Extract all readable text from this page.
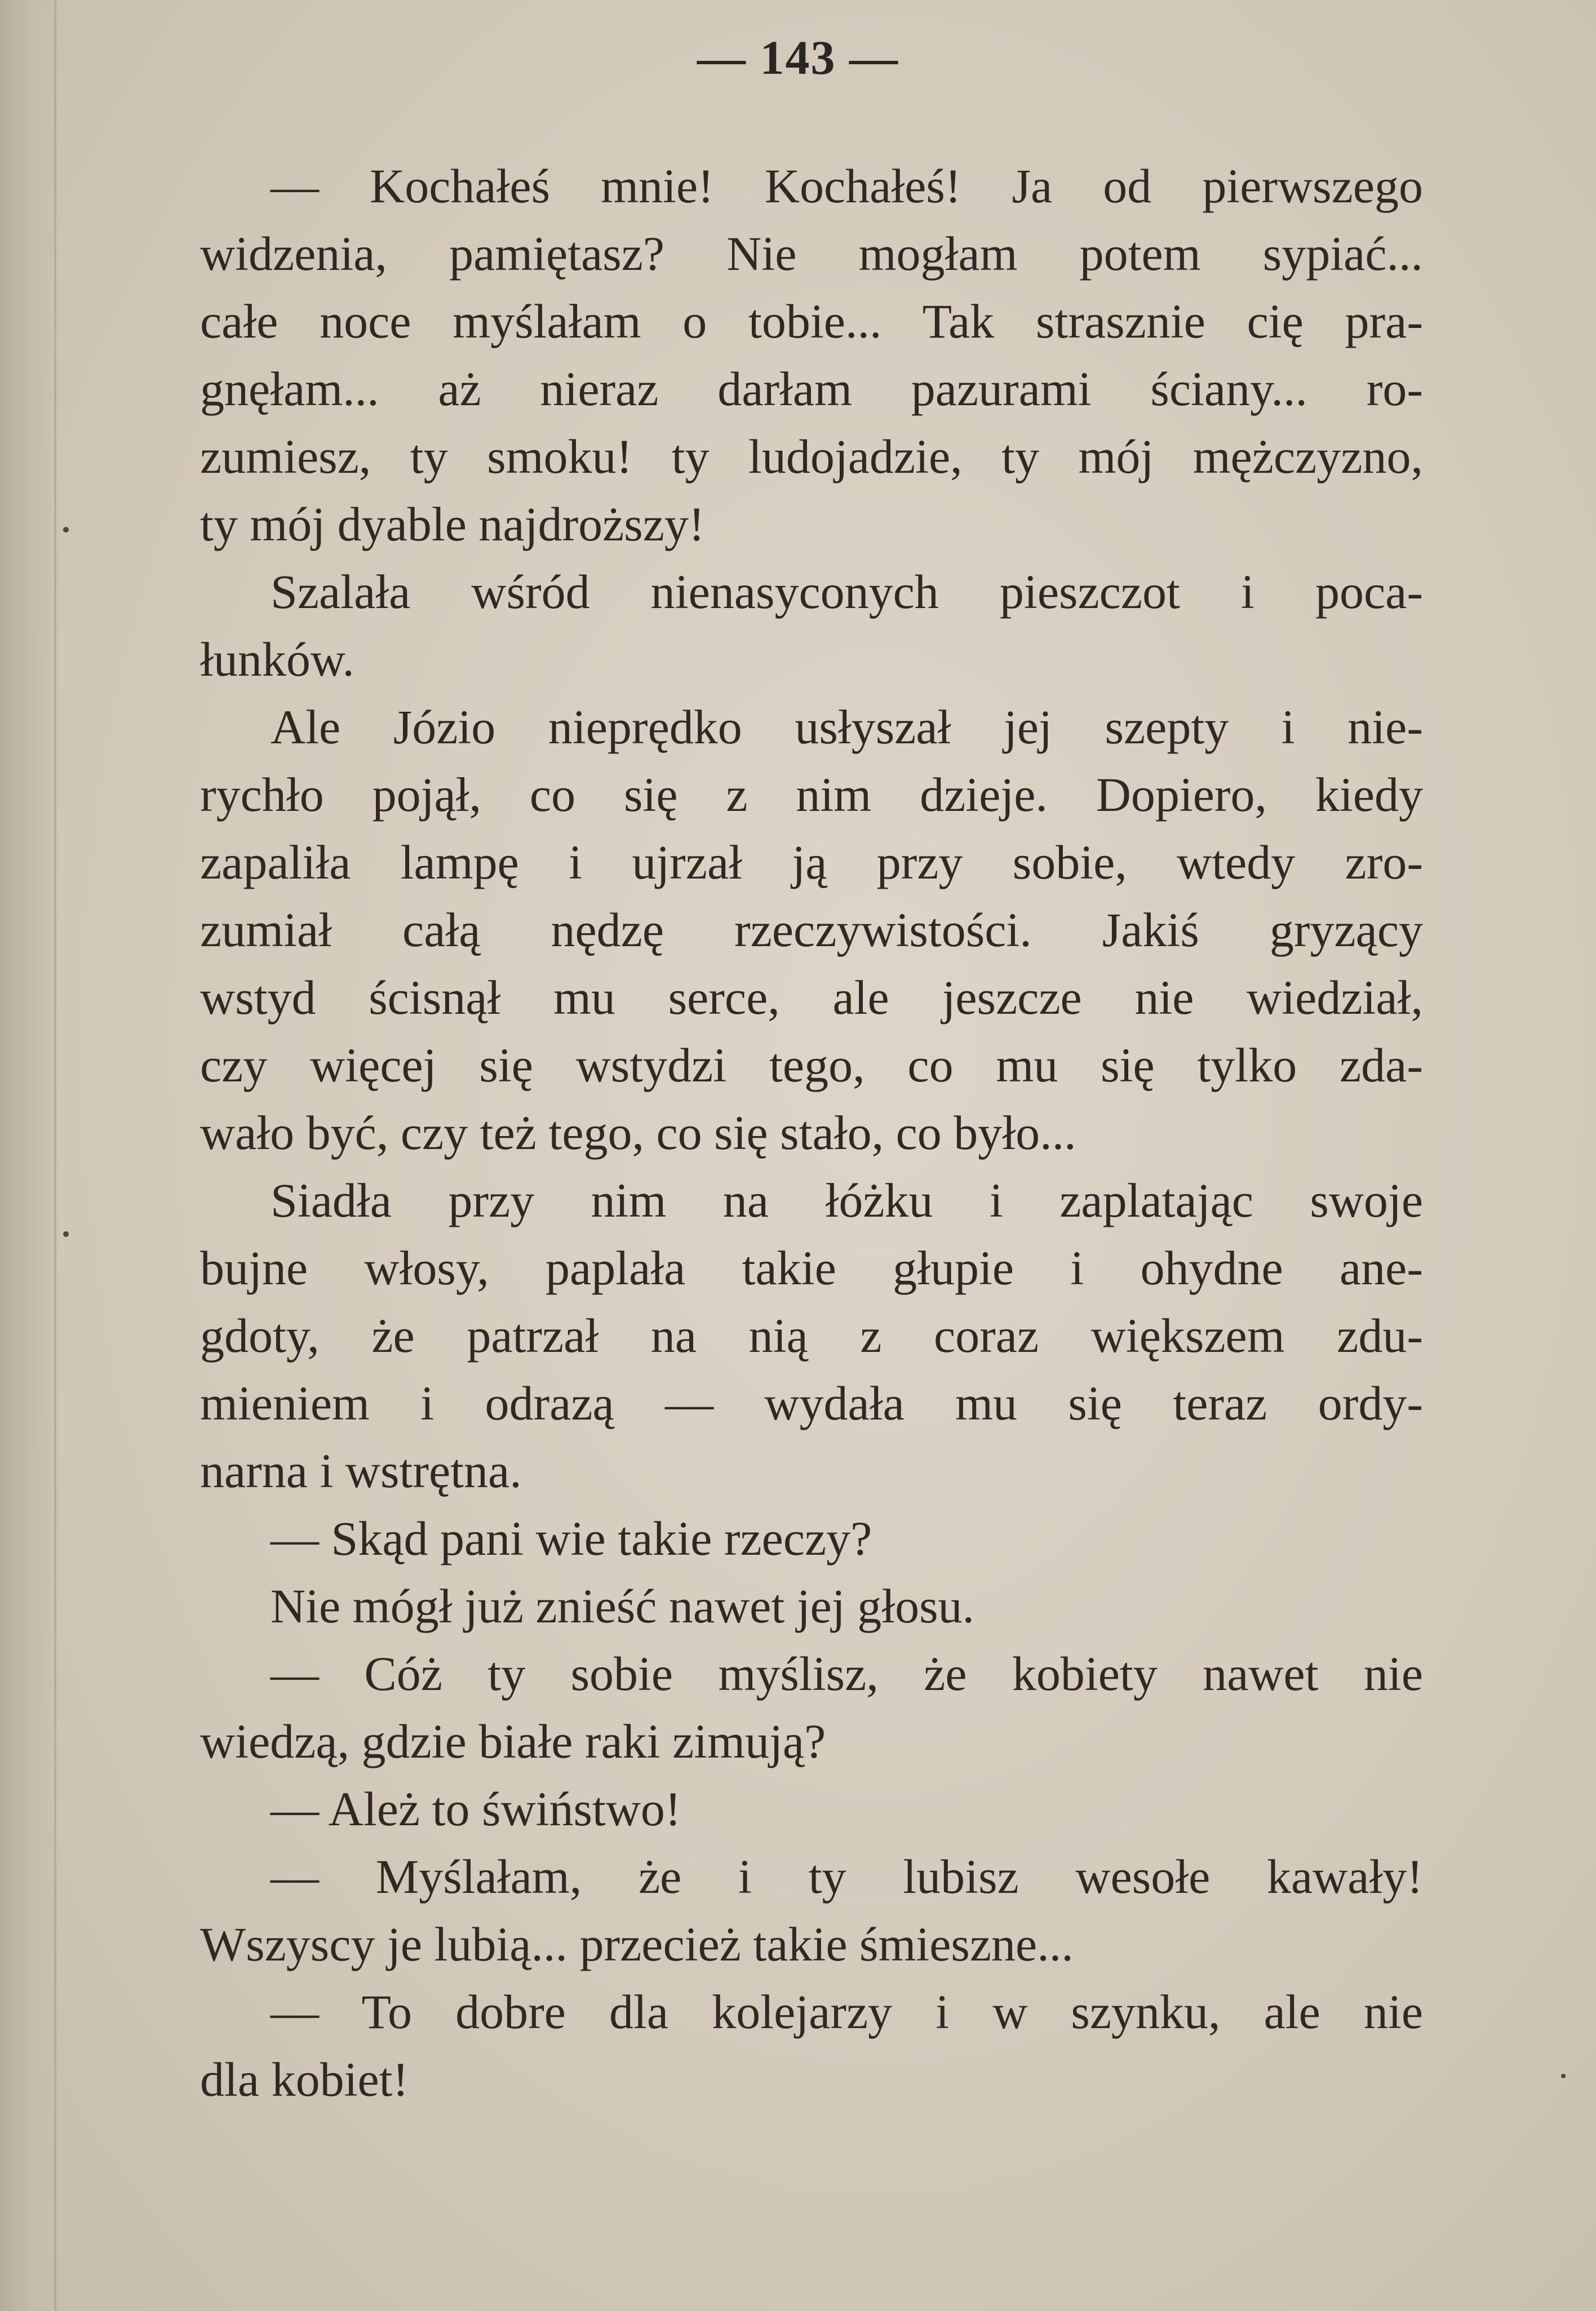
— 143 —
— Kochałeś mnie! Kochałeś! Ja od pierwszego
widzenia, pamiętasz? Nie mogłam potem sypiać...
całe noce myślałam o tobie... Tak strasznie cię pra-
gnęłam... aż nieraz darłam pazurami ściany... ro-
zumiesz, ty smoku! ty ludojadzie, ty mój mężczyzno,
ty mój dyable najdroższy!
Szalała wśród nienasyconych pieszczot i poca-
łunków.
Ale Józio nieprędko usłyszał jej szepty i nie-
rychło pojął, co się z nim dzieje. Dopiero, kiedy
zapaliła lampę i ujrzał ją przy sobie, wtedy zro-
zumiał całą nędzę rzeczywistości. Jakiś gryzący
wstyd ścisnął mu serce, ale jeszcze nie wiedział,
czy więcej się wstydzi tego, co mu się tylko zda-
wało być, czy też tego, co się stało, co było...
Siadła przy nim na łóżku i zaplatając swoje
bujne włosy, paplała takie głupie i ohydne ane-
gdoty, że patrzał na nią z coraz większem zdu-
mieniem i odrazą — wydała mu się teraz ordy-
narna i wstrętna.
— Skąd pani wie takie rzeczy?
Nie mógł już znieść nawet jej głosu.
— Cóż ty sobie myślisz, że kobiety nawet nie
wiedzą, gdzie białe raki zimują?
— Ależ to świństwo!
— Myślałam, że i ty lubisz wesołe kawały!
Wszyscy je lubią... przecież takie śmieszne...
— To dobre dla kolejarzy i w szynku, ale nie
dla kobiet!
